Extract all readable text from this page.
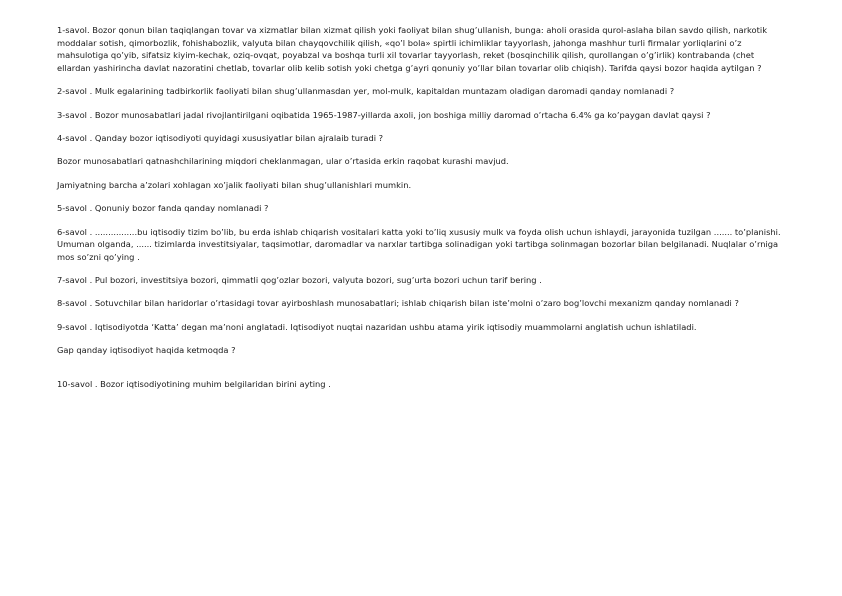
1-savol. Bozor qonun bilan taqiqlangan tovar va xizmatlar bilan xizmat qilish yoki faoliyat bilan shug’ullanish, bunga: aholi orasida qurol-aslaha bilan savdo qilish, narkotik moddalar sotish, qimorbozlik, fohishabozlik, valyuta bilan chayqovchilik qilish, «qo’l bola» spirtli ichimliklar tayyorlash, jahonga mashhur turli firmalar yorliqlarini o’z mahsulotiga qo’yib, sifatsiz kiyim-kechak, oziq-ovqat, poyabzal va boshqa turli xil tovarlar tayyorlash, reket (bosqinchilik qilish, qurollangan o’g’irlik) kontrabanda (chet ellardan yashirincha davlat nazoratini chetlab, tovarlar olib kelib sotish yoki chetga g’ayri qonuniy yo’llar bilan tovarlar olib chiqish). Tarifda qaysi bozor haqida aytilgan ?

2-savol . Mulk egalarining tadbirkorlik faoliyati bilan shug’ullanmasdan yer, mol-mulk, kapitaldan muntazam oladigan daromadi qanday nomlanadi ?

3-savol . Bozor munosabatlari jadal rivojlantirilgani oqibatida 1965-1987-yillarda axoli, jon boshiga milliy daromad o’rtacha 6.4% ga ko’paygan davlat qaysi ?

4-savol . Qanday bozor iqtisodiyoti quyidagi xususiyatlar bilan ajralaib turadi ?

Bozor munosabatlari qatnashchilarining miqdori cheklanmagan, ular o’rtasida erkin raqobat kurashi mavjud.

Jamiyatning barcha a’zolari xohlagan xo’jalik faoliyati bilan shug’ullanishlari mumkin.

5-savol . Qonuniy bozor fanda qanday nomlanadi ?

6-savol . ................bu iqtisodiy tizim bo’lib, bu erda ishlab chiqarish vositalari katta yoki to’liq xususiy mulk va foyda olish uchun ishlaydi, jarayonida tuzilgan ....... to’planishi. Umuman olganda, ...... tizimlarda investitsiyalar, taqsimotlar, daromadlar va narxlar tartibga solinadigan yoki tartibga solinmagan bozorlar bilan belgilanadi. Nuqlalar o’rniga mos so’zni qo’ying .

7-savol . Pul bozori, investitsiya bozori, qimmatli qog’ozlar bozori, valyuta bozori, sug’urta bozori uchun tarif bering .

8-savol . Sotuvchilar bilan haridorlar o’rtasidagi tovar ayirboshlash munosabatlari; ishlab chiqarish bilan iste’molni o’zaro bog’lovchi mexanizm qanday nomlanadi ?

9-savol . Iqtisodiyotda ‘Katta’ degan ma’noni anglatadi. Iqtisodiyot nuqtai nazaridan ushbu atama yirik iqtisodiy muammolarni anglatish uchun ishlatiladi.

Gap qanday iqtisodiyot haqida ketmoqda ?

10-savol . Bozor iqtisodiyotining muhim belgilaridan birini ayting .
